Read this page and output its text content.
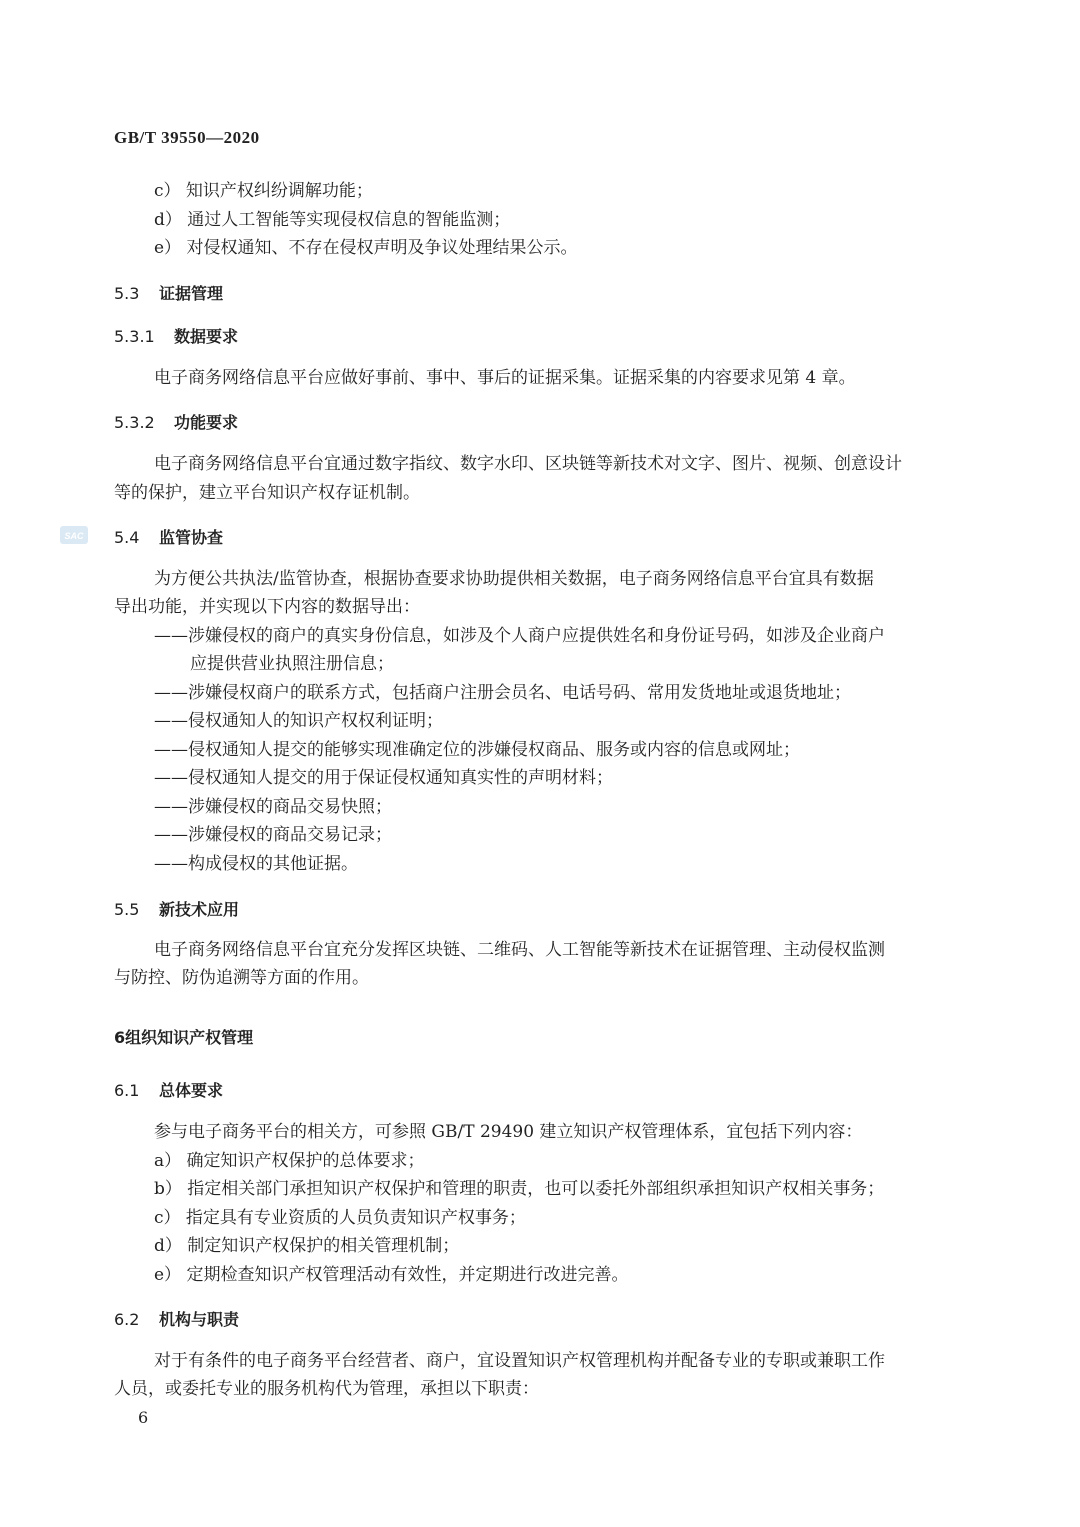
GB/T 39550—2020
SAC
c） 知识产权纠纷调解功能；
d） 通过人工智能等实现侵权信息的智能监测；
e） 对侵权通知、不存在侵权声明及争议处理结果公示。
电子商务网络信息平台应做好事前、事中、事后的证据采集。证据采集的内容要求见第 4 章。
电子商务网络信息平台宜通过数字指纹、数字水印、区块链等新技术对文字、图片、视频、创意设计
等的保护，建立平台知识产权存证机制。
为方便公共执法/监管协查，根据协查要求协助提供相关数据，电子商务网络信息平台宜具有数据
导出功能，并实现以下内容的数据导出：
——涉嫌侵权的商户的真实身份信息，如涉及个人商户应提供姓名和身份证号码，如涉及企业商户
应提供营业执照注册信息；
——涉嫌侵权商户的联系方式，包括商户注册会员名、电话号码、常用发货地址或退货地址；
——侵权通知人的知识产权权利证明；
——侵权通知人提交的能够实现准确定位的涉嫌侵权商品、服务或内容的信息或网址；
——侵权通知人提交的用于保证侵权通知真实性的声明材料；
——涉嫌侵权的商品交易快照；
——涉嫌侵权的商品交易记录；
——构成侵权的其他证据。
电子商务网络信息平台宜充分发挥区块链、二维码、人工智能等新技术在证据管理、主动侵权监测
与防控、防伪追溯等方面的作用。
参与电子商务平台的相关方，可参照 GB/T 29490 建立知识产权管理体系，宜包括下列内容：
a） 确定知识产权保护的总体要求；
b） 指定相关部门承担知识产权保护和管理的职责，也可以委托外部组织承担知识产权相关事务；
c） 指定具有专业资质的人员负责知识产权事务；
d） 制定知识产权保护的相关管理机制；
e） 定期检查知识产权管理活动有效性，并定期进行改进完善。
对于有条件的电子商务平台经营者、商户，宜设置知识产权管理机构并配备专业的专职或兼职工作
人员，或委托专业的服务机构代为管理，承担以下职责：
5.3 证据管理
5.3.1 数据要求
5.3.2 功能要求
5.4 监管协查
5.5 新技术应用
6组织知识产权管理
6.1 总体要求
6.2 机构与职责
6
